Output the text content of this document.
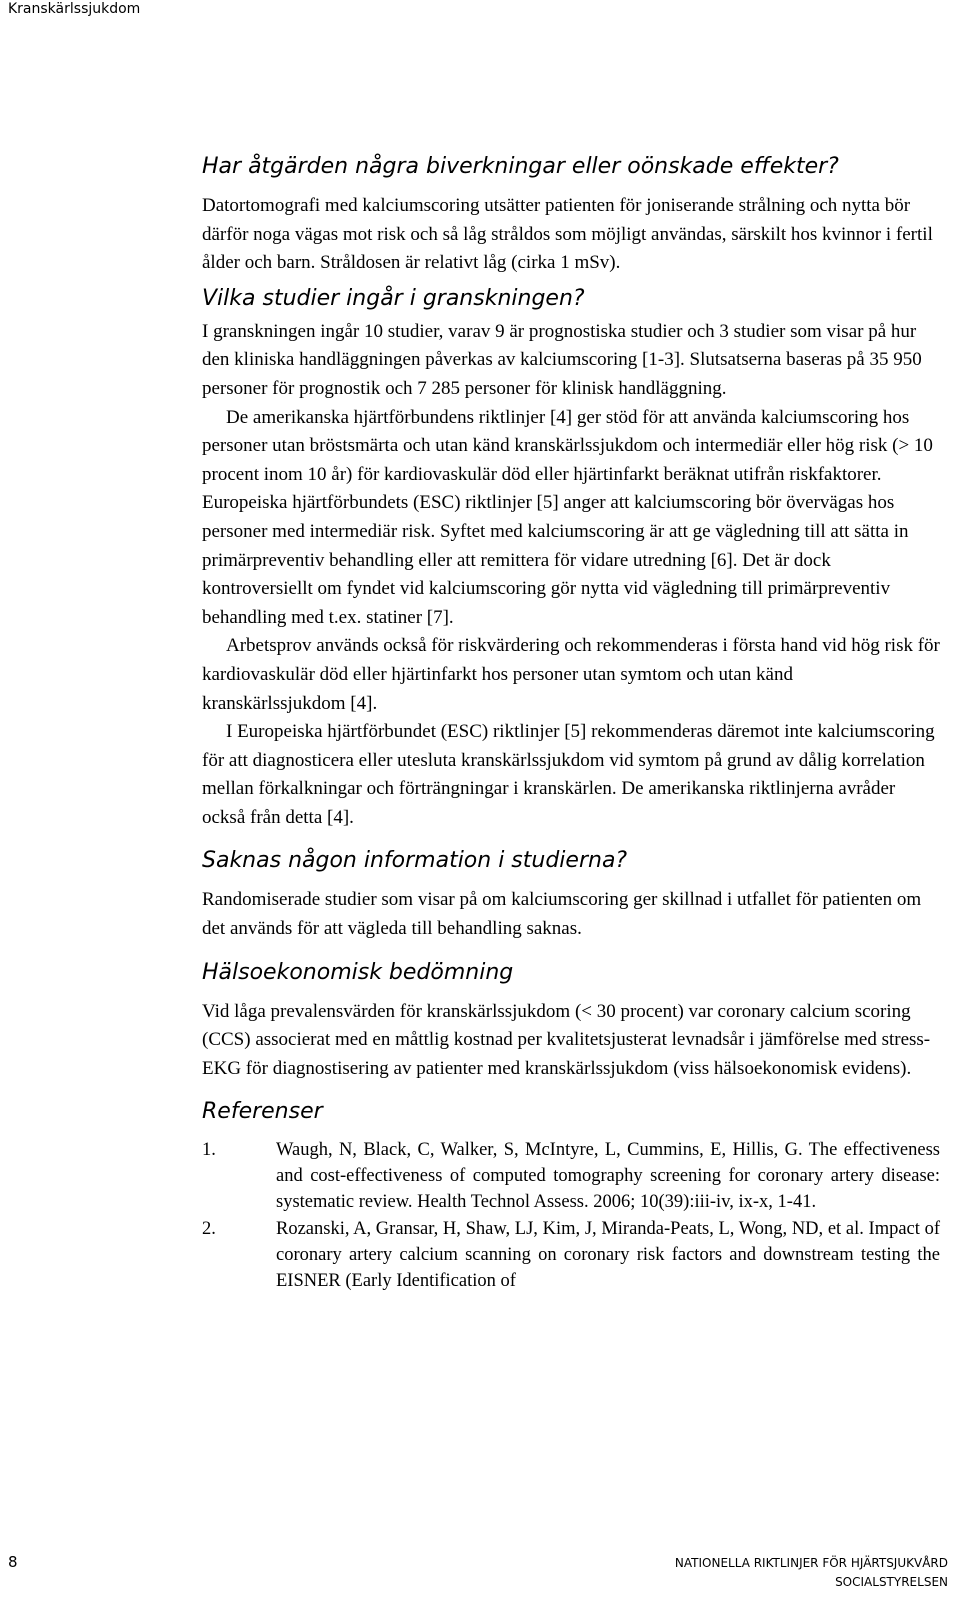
Kranskärlssjukdom
Har åtgärden några biverkningar eller oönskade effekter?

Datortomografi med kalciumscoring utsätter patienten för joniserande strålning och nytta bör därför noga vägas mot risk och så låg stråldos som möjligt användas, särskilt hos kvinnor i fertil ålder och barn. Stråldosen är relativt låg (cirka 1 mSv).

Vilka studier ingår i granskningen?

I granskningen ingår 10 studier, varav 9 är prognostiska studier och 3 studier som visar på hur den kliniska handläggningen påverkas av kalciumscoring [1-3]. Slutsatserna baseras på 35 950 personer för prognostik och 7 285 personer för klinisk handläggning.

De amerikanska hjärtförbundens riktlinjer [4] ger stöd för att använda kalciumscoring hos personer utan bröstsmärta och utan känd kranskärlssjukdom och intermediär eller hög risk (> 10 procent inom 10 år) för kardiovaskulär död eller hjärtinfarkt beräknat utifrån riskfaktorer. Europeiska hjärtförbundets (ESC) riktlinjer [5] anger att kalciumscoring bör övervägas hos personer med intermediär risk. Syftet med kalciumscoring är att ge vägledning till att sätta in primärpreventiv behandling eller att remittera för vidare utredning [6]. Det är dock kontroversiellt om fyndet vid kalciumscoring gör nytta vid vägledning till primärpreventiv behandling med t.ex. statiner [7].

Arbetsprov används också för riskvärdering och rekommenderas i första hand vid hög risk för kardiovaskulär död eller hjärtinfarkt hos personer utan symtom och utan känd kranskärlssjukdom [4].

I Europeiska hjärtförbundet (ESC) riktlinjer [5] rekommenderas däremot inte kalciumscoring för att diagnosticera eller utesluta kranskärlssjukdom vid symtom på grund av dålig korrelation mellan förkalkningar och förträngningar i kranskärlen. De amerikanska riktlinjerna avråder också från detta [4].

Saknas någon information i studierna?

Randomiserade studier som visar på om kalciumscoring ger skillnad i utfallet för patienten om det används för att vägleda till behandling saknas.

Hälsoekonomisk bedömning

Vid låga prevalensvärden för kranskärlssjukdom (< 30 procent) var coronary calcium scoring (CCS) associerat med en måttlig kostnad per kvalitetsjusterat levnadsår i jämförelse med stress-EKG för diagnostisering av patienter med kranskärlssjukdom (viss hälsoekonomisk evidens).

Referenser
1.	Waugh, N, Black, C, Walker, S, McIntyre, L, Cummins, E, Hillis, G. The effectiveness and cost-effectiveness of computed tomography screening for coronary artery disease: systematic review. Health Technol Assess. 2006; 10(39):iii-iv, ix-x, 1-41.
2.	Rozanski, A, Gransar, H, Shaw, LJ, Kim, J, Miranda-Peats, L, Wong, ND, et al. Impact of coronary artery calcium scanning on coronary risk factors and downstream testing the EISNER (Early Identification of
8	NATIONELLA RIKTLINJER FÖR HJÄRTSJUKVÅRD
SOCIALSTYRELSEN
